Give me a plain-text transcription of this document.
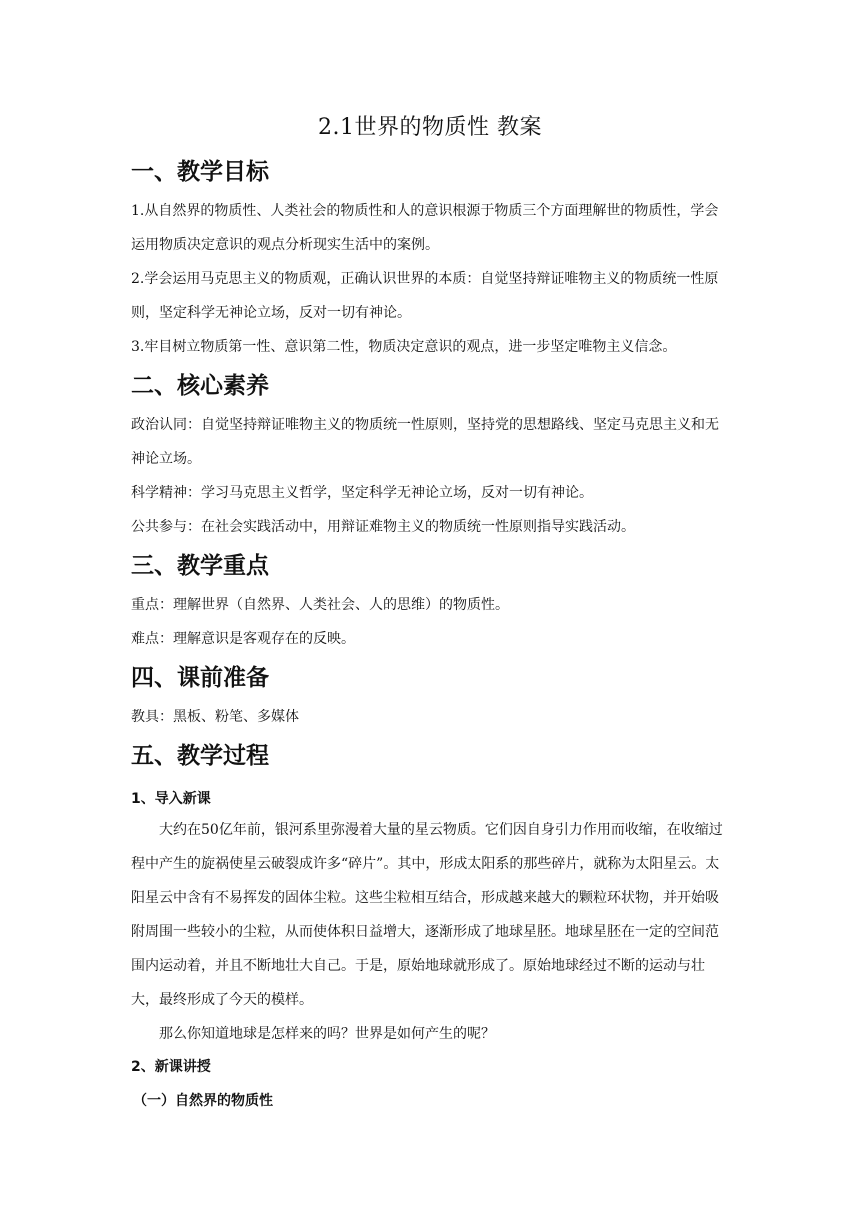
2.1世界的物质性 教案
一、教学目标

1.从自然界的物质性、人类社会的物质性和人的意识根源于物质三个方面理解世的物质性，学会运用物质决定意识的观点分析现实生活中的案例。

2.学会运用马克思主义的物质观，正确认识世界的本质：自觉坚持辩证唯物主义的物质统一性原则，坚定科学无神论立场，反对一切有神论。

3.牢目树立物质第一性、意识第二性，物质决定意识的观点，进一步坚定唯物主义信念。

二、核心素养

政治认同：自觉坚持辩证唯物主义的物质统一性原则，坚持党的思想路线、坚定马克思主义和无神论立场。

科学精神：学习马克思主义哲学，坚定科学无神论立场，反对一切有神论。

公共参与：在社会实践活动中，用辩证难物主义的物质统一性原则指导实践活动。

三、教学重点

重点：理解世界（自然界、人类社会、人的思维）的物质性。

难点：理解意识是客观存在的反映。

四、课前准备

教具：黑板、粉笔、多媒体

五、教学过程
1、导入新课

大约在50亿年前，银河系里弥漫着大量的星云物质。它们因自身引力作用而收缩，在收缩过程中产生的旋祸使星云破裂成许多“碎片”。其中，形成太阳系的那些碎片，就称为太阳星云。太阳星云中含有不易挥发的固体尘粒。这些尘粒相互结合，形成越来越大的颗粒环状物，并开始吸附周围一些较小的尘粒，从而使体积日益增大，逐渐形成了地球星胚。地球星胚在一定的空间范围内运动着，并且不断地壮大自己。于是，原始地球就形成了。原始地球经过不断的运动与壮大，最终形成了今天的模样。

那么你知道地球是怎样来的吗？世界是如何产生的呢？

2、新课讲授
（一）自然界的物质性
